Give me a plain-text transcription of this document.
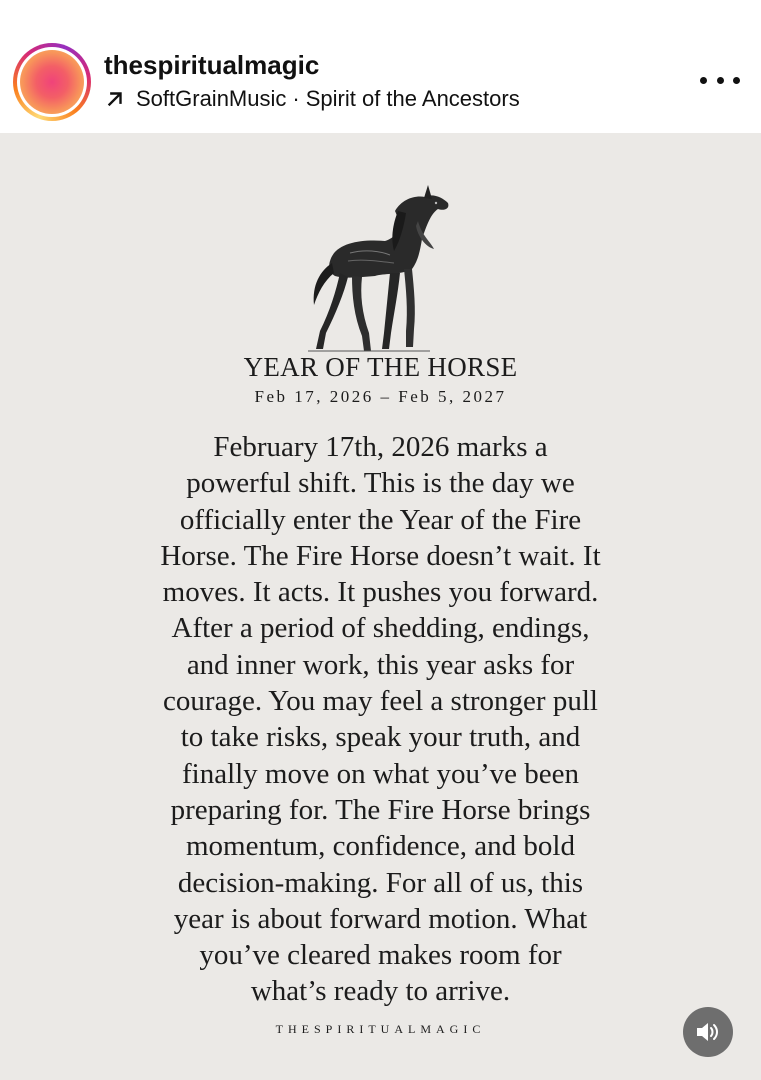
thespiritualmagic
SoftGrainMusic · Spirit of the Ancestors
YEAR OF THE HORSE
Feb 17, 2026 – Feb 5, 2027
February 17th, 2026 marks a
powerful shift. This is the day we
officially enter the Year of the Fire
Horse. The Fire Horse doesn’t wait. It
moves. It acts. It pushes you forward.
After a period of shedding, endings,
and inner work, this year asks for
courage. You may feel a stronger pull
to take risks, speak your truth, and
finally move on what you’ve been
preparing for. The Fire Horse brings
momentum, confidence, and bold
decision-making. For all of us, this
year is about forward motion. What
you’ve cleared makes room for
what’s ready to arrive.
THESPIRITUALMAGIC
